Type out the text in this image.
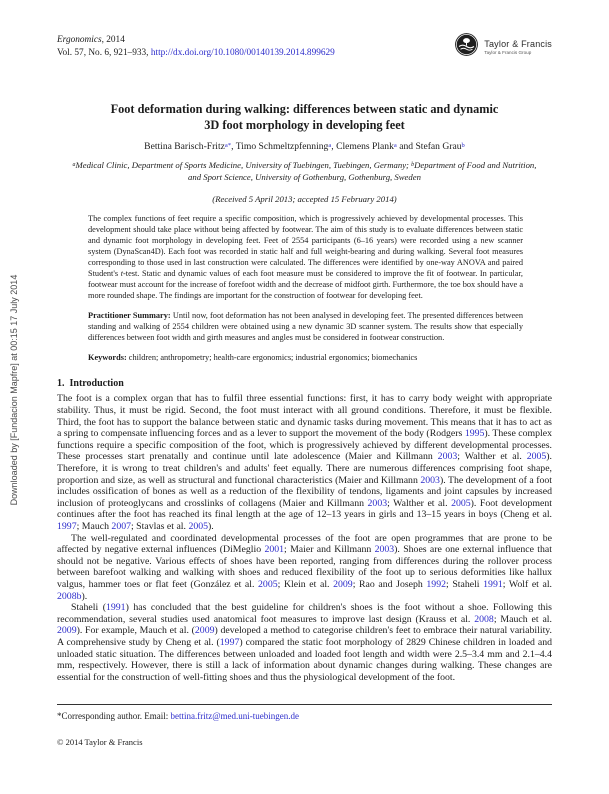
Downloaded by [Fundacion Mapfre] at 00:15 17 July 2014
Ergonomics, 2014
Vol. 57, No. 6, 921–933, http://dx.doi.org/10.1080/00140139.2014.899629
Taylor & Francis
Taylor & Francis Group
Foot deformation during walking: differences between static and dynamic
3D foot morphology in developing feet
Bettina Barisch-Fritz$^{a*}$, Timo Schmeltzpfenning$^a$, Clemens Plank$^a$ and Stefan Grau$^b$
$^a$Medical Clinic, Department of Sports Medicine, University of Tuebingen, Tuebingen, Germany; $^b$Department of Food and Nutrition, and Sport Science, University of Gothenburg, Gothenburg, Sweden
(Received 5 April 2013; accepted 15 February 2014)

The complex functions of feet require a specific composition, which is progressively achieved by developmental processes. This development should take place without being affected by footwear. The aim of this study is to evaluate differences between static and dynamic foot morphology in developing feet. Feet of 2554 participants (6–16 years) were recorded using a new scanner system (DynaScan4D). Each foot was recorded in static half and full weight-bearing and during walking. Several foot measures corresponding to those used in last construction were calculated. The differences were identified by one-way ANOVA and paired Student's t-test. Static and dynamic values of each foot measure must be considered to improve the fit of footwear. In particular, footwear must account for the increase of forefoot width and the decrease of midfoot girth. Furthermore, the toe box should have a more rounded shape. The findings are important for the construction of footwear for developing feet.

Practitioner Summary: Until now, foot deformation has not been analysed in developing feet. The presented differences between standing and walking of 2554 children were obtained using a new dynamic 3D scanner system. The results show that especially differences between foot width and girth measures and angles must be considered in footwear construction.

Keywords: children; anthropometry; health-care ergonomics; industrial ergonomics; biomechanics

1. Introduction

The foot is a complex organ that has to fulfil three essential functions: first, it has to carry body weight with appropriate stability. Thus, it must be rigid. Second, the foot must interact with all ground conditions. Therefore, it must be flexible. Third, the foot has to support the balance between static and dynamic tasks during movement. This means that it has to act as a spring to compensate influencing forces and as a lever to support the movement of the body (Rodgers 1995). These complex functions require a specific composition of the foot, which is progressively achieved by different developmental processes. These processes start prenatally and continue until late adolescence (Maier and Killmann 2003; Walther et al. 2005). Therefore, it is wrong to treat children's and adults' feet equally. There are numerous differences comprising foot shape, proportion and size, as well as structural and functional characteristics (Maier and Killmann 2003). The development of a foot includes ossification of bones as well as a reduction of the flexibility of tendons, ligaments and joint capsules by increased inclusion of proteoglycans and crosslinks of collagens (Maier and Killmann 2003; Walther et al. 2005). Foot development continues after the foot has reached its final length at the age of 12–13 years in girls and 13–15 years in boys (Cheng et al. 1997; Mauch 2007; Stavlas et al. 2005).

The well-regulated and coordinated developmental processes of the foot are open programmes that are prone to be affected by negative external influences (DiMeglio 2001; Maier and Killmann 2003). Shoes are one external influence that should not be negative. Various effects of shoes have been reported, ranging from differences during the rollover process between barefoot walking and walking with shoes and reduced flexibility of the foot up to serious deformities like hallux valgus, hammer toes or flat feet (González et al. 2005; Klein et al. 2009; Rao and Joseph 1992; Staheli 1991; Wolf et al. 2008b).

Staheli (1991) has concluded that the best guideline for children's shoes is the foot without a shoe. Following this recommendation, several studies used anatomical foot measures to improve last design (Krauss et al. 2008; Mauch et al. 2009). For example, Mauch et al. (2009) developed a method to categorise children's feet to embrace their natural variability. A comprehensive study by Cheng et al. (1997) compared the static foot morphology of 2829 Chinese children in loaded and unloaded static situation. The differences between unloaded and loaded foot length and width were 2.5–3.4 mm and 2.1–4.4 mm, respectively. However, there is still a lack of information about dynamic changes during walking. These changes are essential for the construction of well-fitting shoes and thus the physiological development of the foot.

*Corresponding author. Email: bettina.fritz@med.uni-tuebingen.de
© 2014 Taylor & Francis
